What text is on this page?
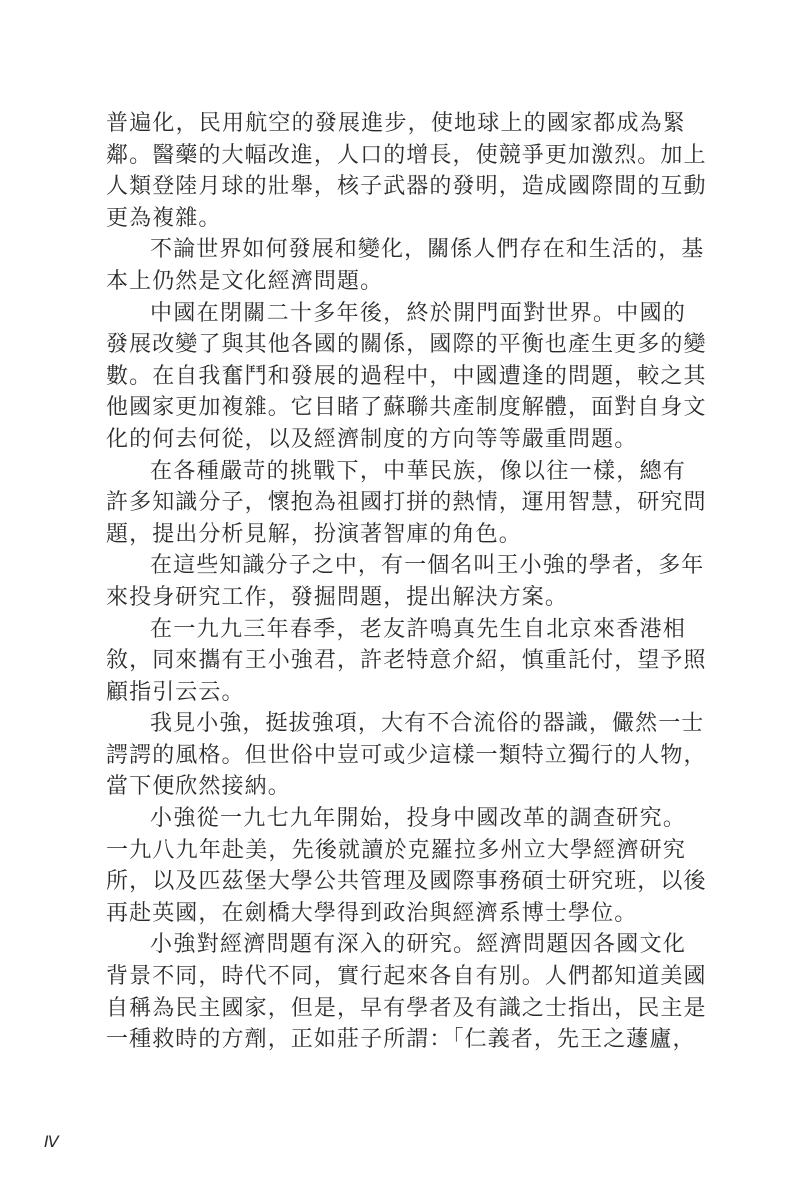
普遍化，民用航空的發展進步，使地球上的國家都成為緊
鄰。醫藥的大幅改進，人口的增長，使競爭更加激烈。加上
人類登陸月球的壯舉，核子武器的發明，造成國際間的互動
更為複雜。

不論世界如何發展和變化，關係人們存在和生活的，基
本上仍然是文化經濟問題。

中國在閉關二十多年後，終於開門面對世界。中國的
發展改變了與其他各國的關係，國際的平衡也產生更多的變
數。在自我奮鬥和發展的過程中，中國遭逢的問題，較之其
他國家更加複雜。它目睹了蘇聯共產制度解體，面對自身文
化的何去何從，以及經濟制度的方向等等嚴重問題。

在各種嚴苛的挑戰下，中華民族，像以往一樣，總有
許多知識分子，懷抱為祖國打拼的熱情，運用智慧，研究問
題，提出分析見解，扮演著智庫的角色。

在這些知識分子之中，有一個名叫王小強的學者，多年
來投身研究工作，發掘問題，提出解決方案。

在一九九三年春季，老友許鳴真先生自北京來香港相
敘，同來攜有王小強君，許老特意介紹，慎重託付，望予照
顧指引云云。

我見小強，挺拔強項，大有不合流俗的器識，儼然一士
諤諤的風格。但世俗中豈可或少這樣一類特立獨行的人物，
當下便欣然接納。

小強從一九七九年開始，投身中國改革的調查研究。
一九八九年赴美，先後就讀於克羅拉多州立大學經濟研究
所，以及匹茲堡大學公共管理及國際事務碩士研究班，以後
再赴英國，在劍橋大學得到政治與經濟系博士學位。

小強對經濟問題有深入的研究。經濟問題因各國文化
背景不同，時代不同，實行起來各自有別。人們都知道美國
自稱為民主國家，但是，早有學者及有識之士指出，民主是
一種救時的方劑，正如莊子所謂：「仁義者，先王之蘧廬，

Ⅳ
